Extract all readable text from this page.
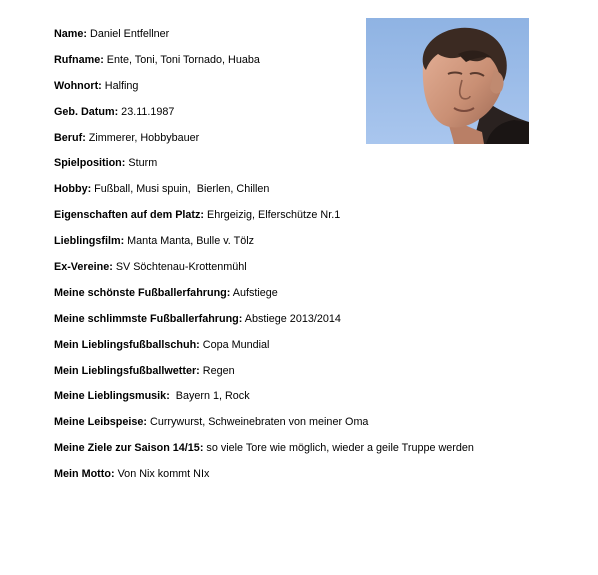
Name: Daniel Entfellner
Rufname: Ente, Toni, Toni Tornado, Huaba
Wohnort: Halfing
Geb. Datum: 23.11.1987
Beruf: Zimmerer, Hobbybauer
Spielposition: Sturm
Hobby: Fußball, Musi spuin,  Bierlen, Chillen
Eigenschaften auf dem Platz: Ehrgeizig, Elferschütze Nr.1
Lieblingsfilm: Manta Manta, Bulle v. Tölz
Ex-Vereine: SV Söchtenau-Krottenmühl
Meine schönste Fußballerfahrung: Aufstiege
Meine schlimmste Fußballerfahrung: Abstiege 2013/2014
Mein Lieblingsfußballschuh: Copa Mundial
Mein Lieblingsfußballwetter: Regen
Meine Lieblingsmusik:  Bayern 1, Rock
Meine Leibspeise: Currywurst, Schweinebraten von meiner Oma
Meine Ziele zur Saison 14/15: so viele Tore wie möglich, wieder a geile Truppe werden
Mein Motto: Von Nix kommt NIx
